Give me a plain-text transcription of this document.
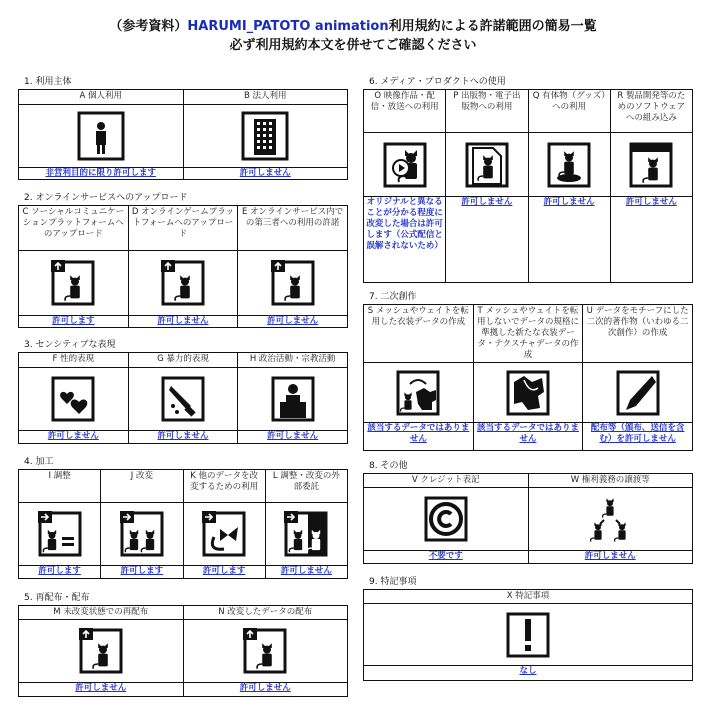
（参考資料）HARUMI_PATOTO animation利用規約による許諾範囲の簡易一覧
必ず利用規約本文を併せてご確認ください
1. 利用主体
A 個人利用	B 法人利用

非営利目的に限り許可します	許可しません
2. オンラインサービスへのアップロード
C ソーシャルコミュニケーションプラットフォームへのアップロード	D オンラインゲームプラットフォームへのアップロード	E オンラインサービス内での第三者への利用の許諾

許可します	許可しません	許可しません
3. センシティブな表現
F 性的表現	G 暴力的表現	H 政治活動・宗教活動

許可しません	許可しません	許可しません
4. 加工
I 調整	J 改変	K 他のデータを改変するための利用	L 調整・改変の外部委託

許可します	許可します	許可します	許可しません
5. 再配布・配布
M 未改変状態での再配布	N 改変したデータの配布

許可しません	許可しません
6. メディア・プロダクトへの使用
O 映像作品・配信・放送への利用	P 出版物・電子出版物への利用	Q 有体物（グッズ）への利用	R 製品開発等のためのソフトウェアへの組み込み

オリジナルと異なることが分かる程度に改変した場合は許可します（公式配信と誤解されないため）	許可しません	許可しません	許可しません
7. 二次創作
S メッシュやウェイトを転用した衣装データの作成	T メッシュやウェイトを転用しないでデータの規格に準拠した新たな衣装データ・テクスチャデータの作成	U データをモチーフにした二次的著作物（いわゆる二次創作）の作成

該当するデータではありません	該当するデータではありません	配布等（頒布、送信を含む）を許可しません
8. その他
V クレジット表記	W 権利義務の譲渡等

不要です	許可しません
9. 特記事項
X 特記事項

なし
